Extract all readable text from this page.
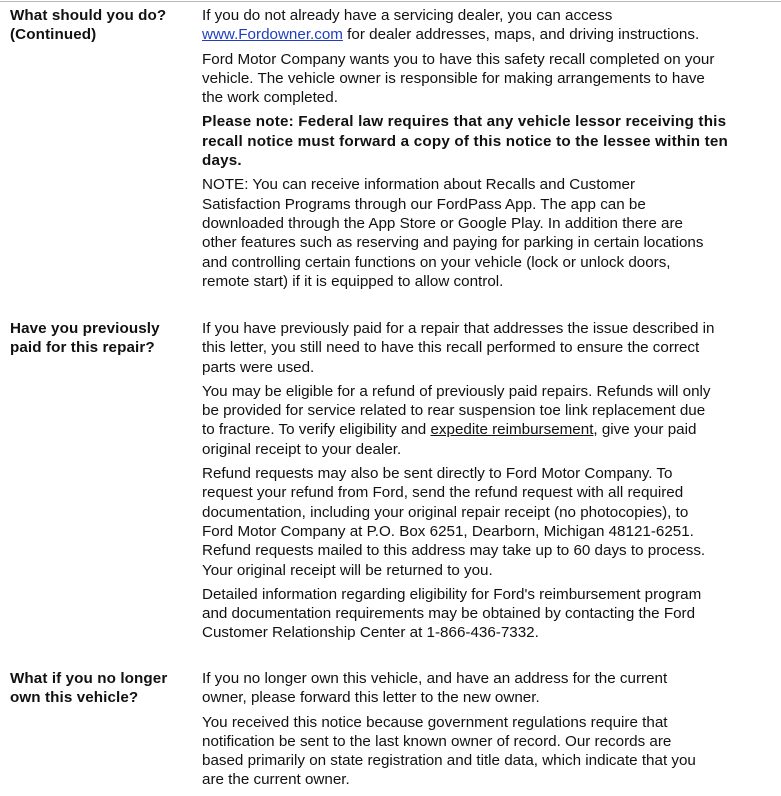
What should you do?
(Continued)

If you do not already have a servicing dealer, you can access
www.Fordowner.com for dealer addresses, maps, and driving instructions.

Ford Motor Company wants you to have this safety recall completed on your
vehicle. The vehicle owner is responsible for making arrangements to have
the work completed.

Please note: Federal law requires that any vehicle lessor receiving this
recall notice must forward a copy of this notice to the lessee within ten
days.

NOTE: You can receive information about Recalls and Customer
Satisfaction Programs through our FordPass App. The app can be
downloaded through the App Store or Google Play. In addition there are
other features such as reserving and paying for parking in certain locations
and controlling certain functions on your vehicle (lock or unlock doors,
remote start) if it is equipped to allow control.

Have you previously
paid for this repair?

If you have previously paid for a repair that addresses the issue described in
this letter, you still need to have this recall performed to ensure the correct
parts were used.

You may be eligible for a refund of previously paid repairs. Refunds will only
be provided for service related to rear suspension toe link replacement due
to fracture. To verify eligibility and expedite reimbursement, give your paid
original receipt to your dealer.

Refund requests may also be sent directly to Ford Motor Company. To
request your refund from Ford, send the refund request with all required
documentation, including your original repair receipt (no photocopies), to
Ford Motor Company at P.O. Box 6251, Dearborn, Michigan 48121-6251.
Refund requests mailed to this address may take up to 60 days to process.
Your original receipt will be returned to you.

Detailed information regarding eligibility for Ford's reimbursement program
and documentation requirements may be obtained by contacting the Ford
Customer Relationship Center at 1-866-436-7332.

What if you no longer
own this vehicle?

If you no longer own this vehicle, and have an address for the current
owner, please forward this letter to the new owner.

You received this notice because government regulations require that
notification be sent to the last known owner of record. Our records are
based primarily on state registration and title data, which indicate that you
are the current owner.
